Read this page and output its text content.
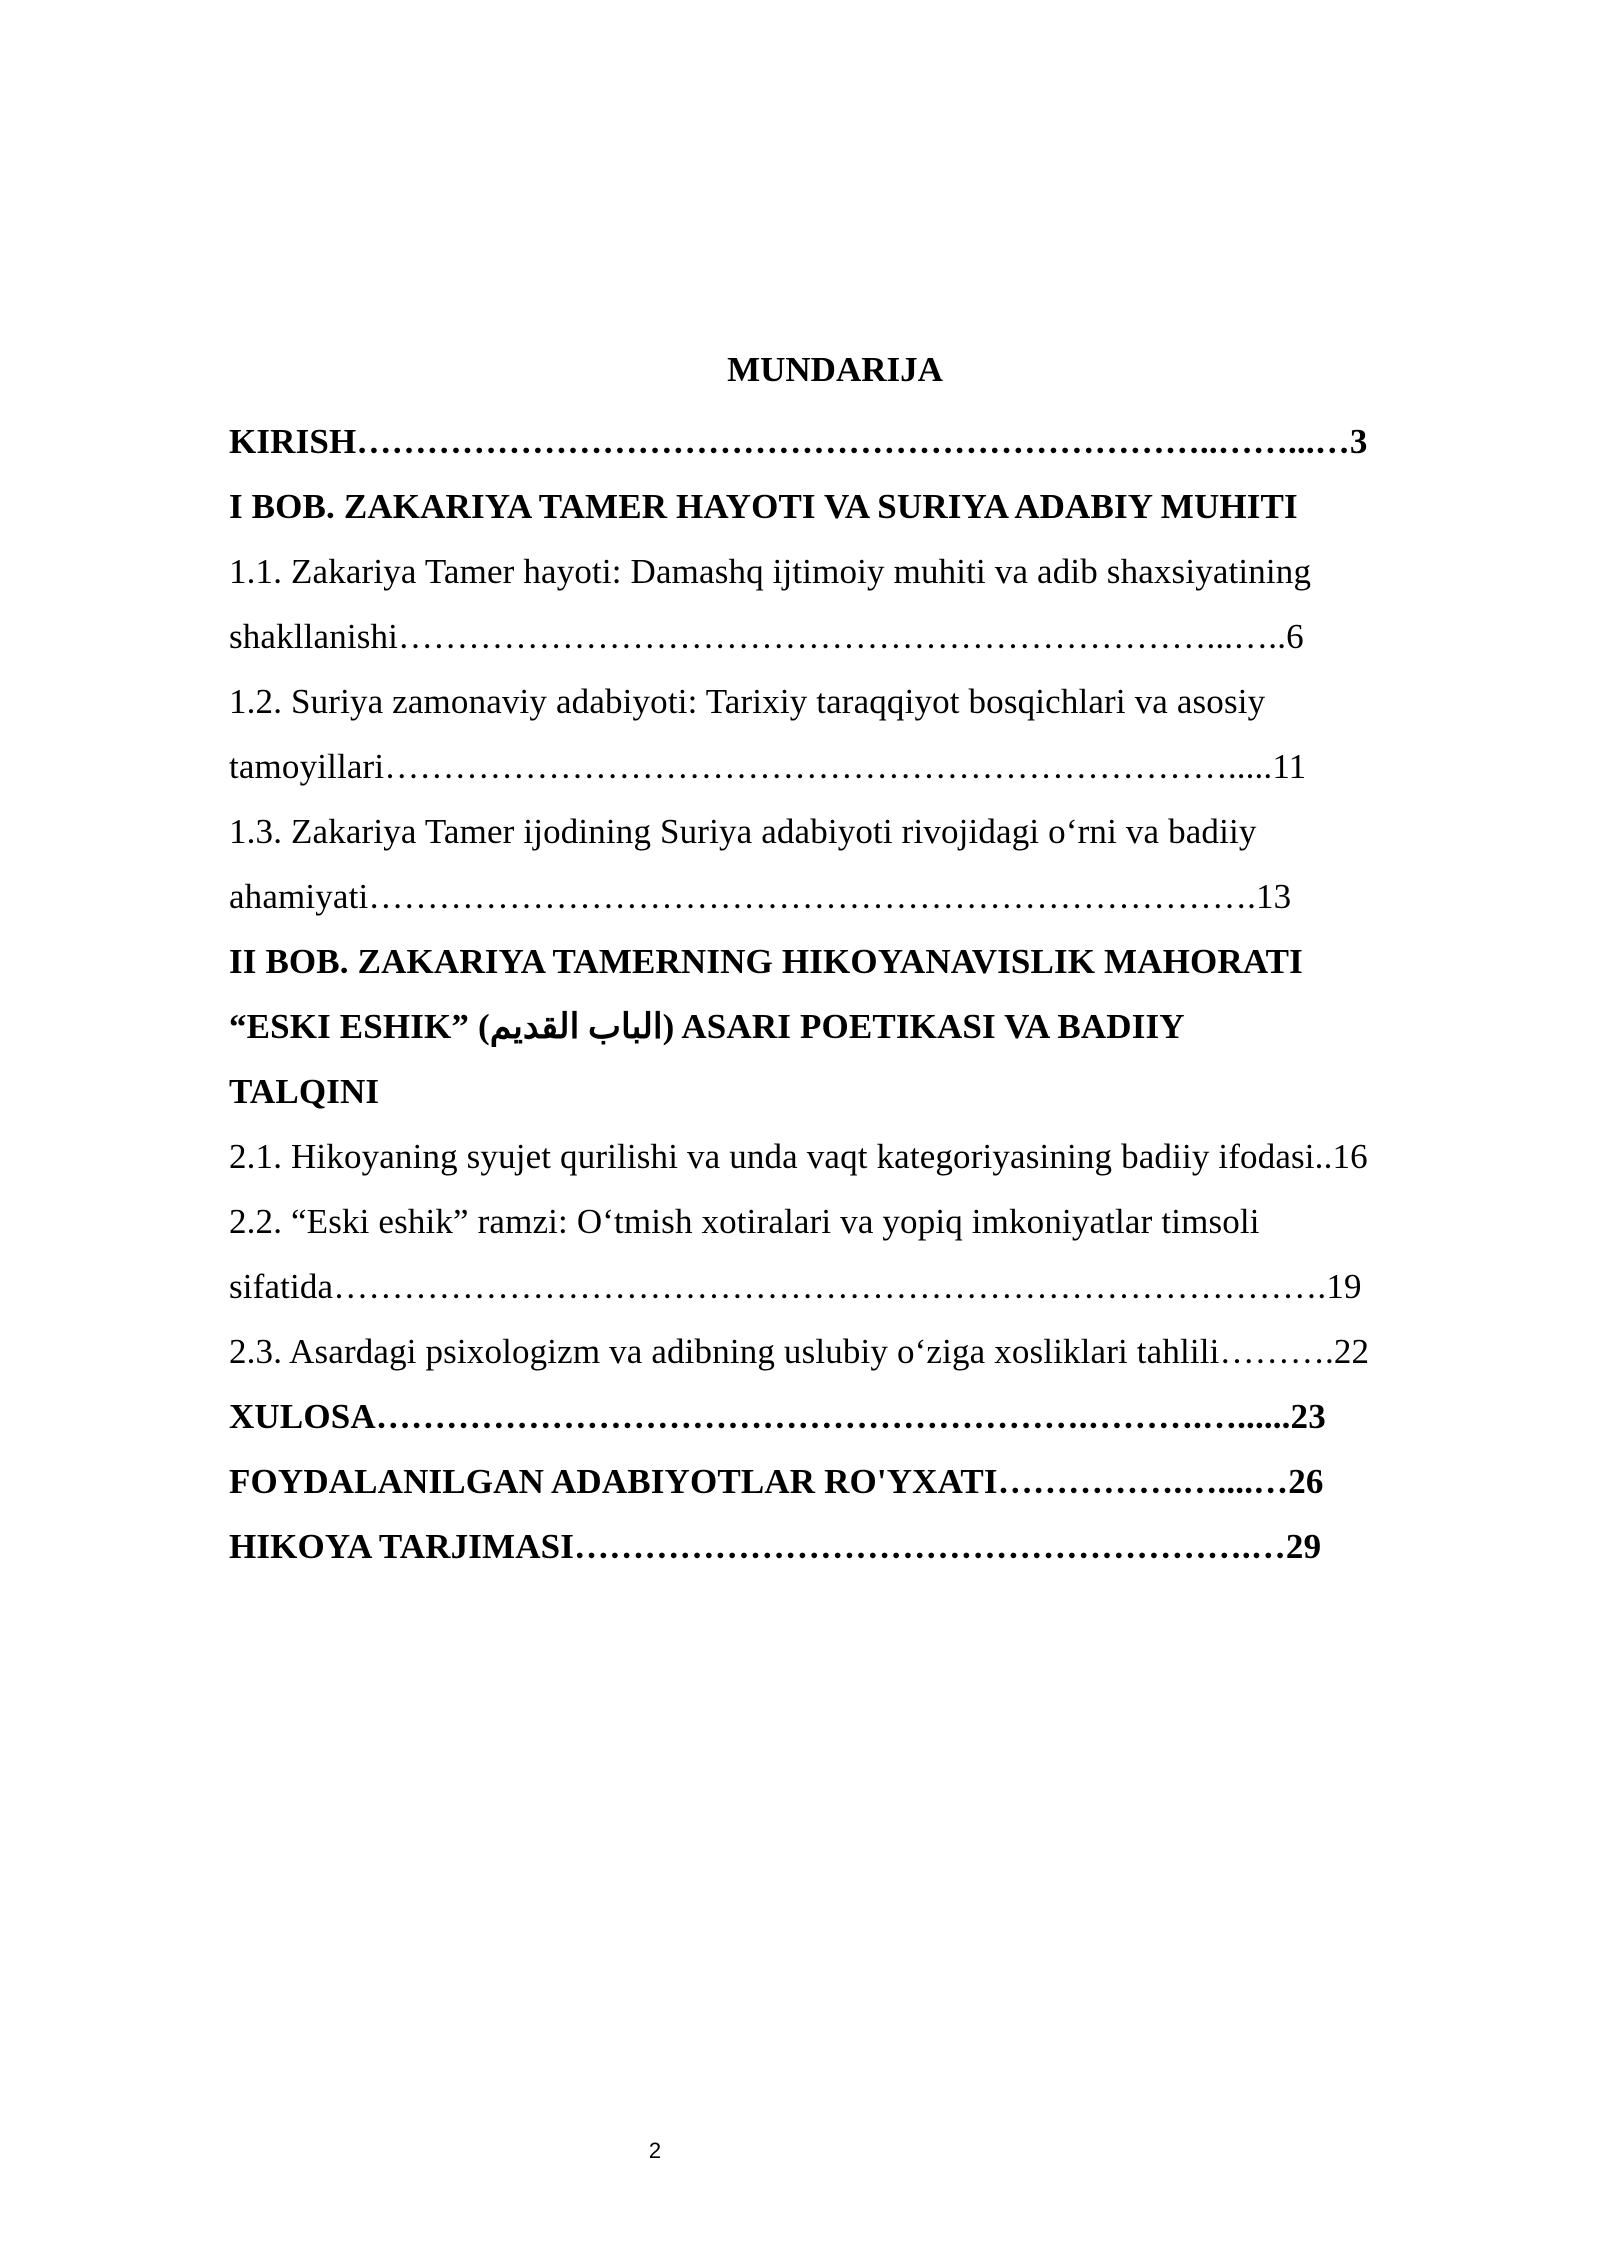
MUNDARIJA
KIRISH………………………………………………………………..……...…3
I BOB. ZAKARIYA TAMER HAYOTI VA SURIYA ADABIY MUHITI
1.1. Zakariya Tamer hayoti: Damashq ijtimoiy muhiti va adib shaxsiyatining
shakllanishi……………………………………………………………...…..6
1.2. Suriya zamonaviy adabiyoti: Tarixiy taraqqiyot bosqichlari va asosiy
tamoyillari……………………………………………………………….....11
1.3. Zakariya Tamer ijodining Suriya adabiyoti rivojidagi o‘rni va badiiy
ahamiyati………………………………………………………………….13
II BOB. ZAKARIYA TAMERNING HIKOYANAVISLIK MAHORATI
“ESKI ESHIK” (الباب القديم) ASARI POETIKASI VA BADIIY
TALQINI
2.1. Hikoyaning syujet qurilishi va unda vaqt kategoriyasining badiiy ifodasi..16
2.2. “Eski eshik” ramzi: O‘tmish xotiralari va yopiq imkoniyatlar timsoli
sifatida………………………………………………………………………….19
2.3. Asardagi psixologizm va adibning uslubiy o‘ziga xosliklari tahlili……….22
XULOSA…………………………………………………….……….…......23
FOYDALANILGAN ADABIYOTLAR RO'YXATI…………….…....…26
HIKOYA TARJIMASI………………………………………………….…29
2
